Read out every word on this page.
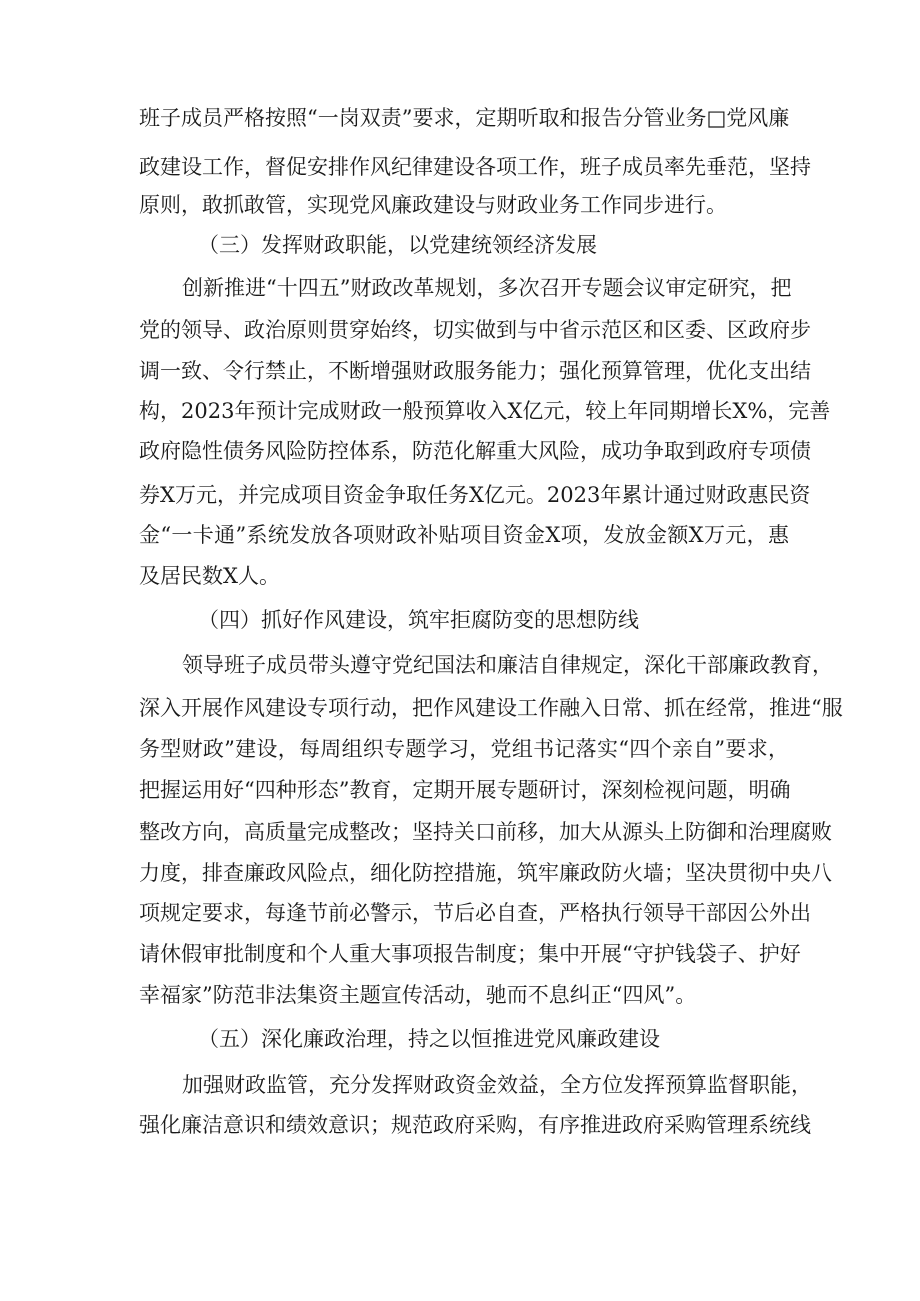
班子成员严格按照“一岗双责”要求，定期听取和报告分管业务□党风廉
政建设工作，督促安排作风纪律建设各项工作，班子成员率先垂范，坚持
原则，敢抓敢管，实现党风廉政建设与财政业务工作同步进行。
（三）发挥财政职能，以党建统领经济发展
创新推进“十四五”财政改革规划，多次召开专题会议审定研究，把
党的领导、政治原则贯穿始终，切实做到与中省示范区和区委、区政府步
调一致、令行禁止，不断增强财政服务能力；强化预算管理，优化支出结
构，2023年预计完成财政一般预算收入X亿元，较上年同期增长X%，完善
政府隐性债务风险防控体系，防范化解重大风险，成功争取到政府专项债
券X万元，并完成项目资金争取任务X亿元。2023年累计通过财政惠民资
金“一卡通”系统发放各项财政补贴项目资金X项，发放金额X万元，惠
及居民数X人。
（四）抓好作风建设，筑牢拒腐防变的思想防线
领导班子成员带头遵守党纪国法和廉洁自律规定，深化干部廉政教育，
深入开展作风建设专项行动，把作风建设工作融入日常、抓在经常，推进“服
务型财政”建设，每周组织专题学习，党组书记落实“四个亲自”要求，
把握运用好“四种形态”教育，定期开展专题研讨，深刻检视问题，明确
整改方向，高质量完成整改；坚持关口前移，加大从源头上防御和治理腐败
力度，排查廉政风险点，细化防控措施，筑牢廉政防火墙；坚决贯彻中央八
项规定要求，每逢节前必警示，节后必自查，严格执行领导干部因公外出
请休假审批制度和个人重大事项报告制度；集中开展“守护钱袋子、护好
幸福家”防范非法集资主题宣传活动，驰而不息纠正“四风”。
（五）深化廉政治理，持之以恒推进党风廉政建设
加强财政监管，充分发挥财政资金效益，全方位发挥预算监督职能，
强化廉洁意识和绩效意识；规范政府采购，有序推进政府采购管理系统线
